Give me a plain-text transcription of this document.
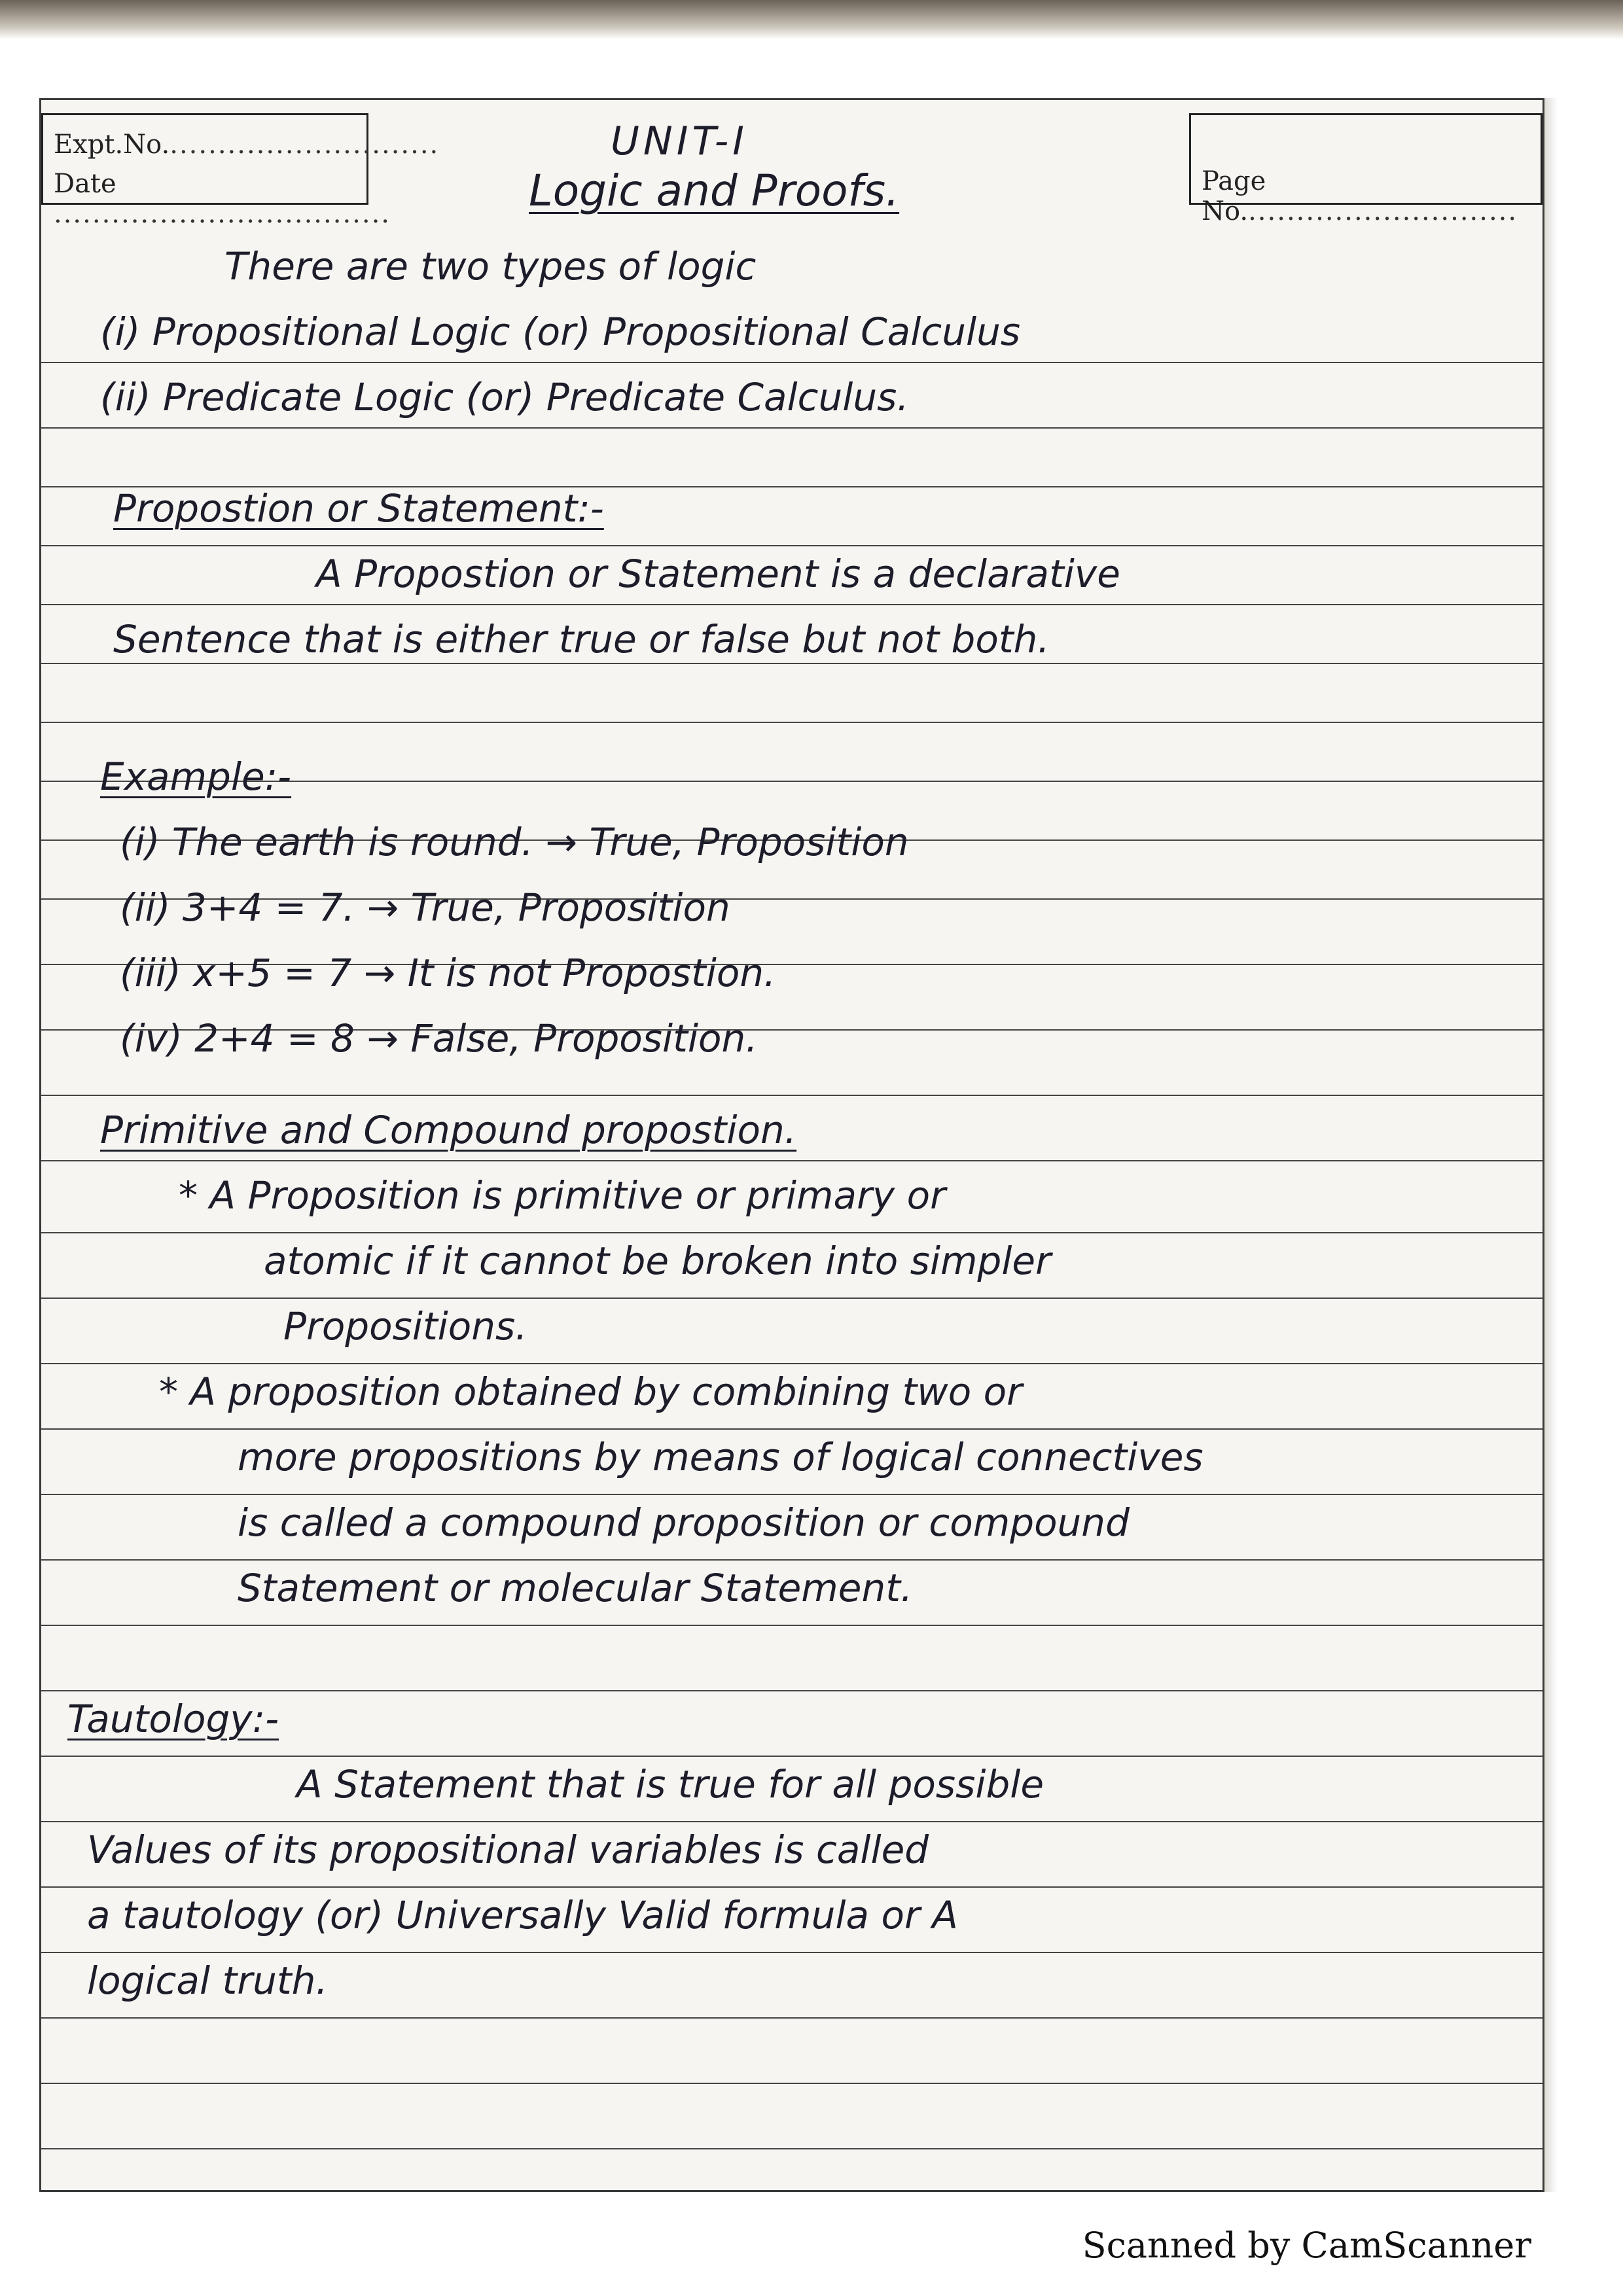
Expt.No.............................
Date ...................................
UNIT-I
Logic and Proofs.	Page No.............................
There are two types of logic
(i) Propositional Logic (or) Propositional Calculus
(ii) Predicate Logic (or) Predicate Calculus.
Propostion or Statement:-
A Propostion or Statement is a declarative
Sentence that is either true or false but not both.
Example:-
(i) The earth is round. → True, Proposition
(ii) 3+4 = 7. → True, Proposition
(iii) x+5 = 7 → It is not Propostion.
(iv) 2+4 = 8 → False, Proposition.
Primitive and Compound propostion.
* A Proposition is primitive or primary or
atomic if it cannot be broken into simpler
Propositions.
* A proposition obtained by combining two or
more propositions by means of logical connectives
is called a compound proposition or compound
Statement or molecular Statement.
Tautology:-
A Statement that is true for all possible
Values of its propositional variables is called
a tautology (or) Universally Valid formula or A
logical truth.
Scanned by CamScanner
